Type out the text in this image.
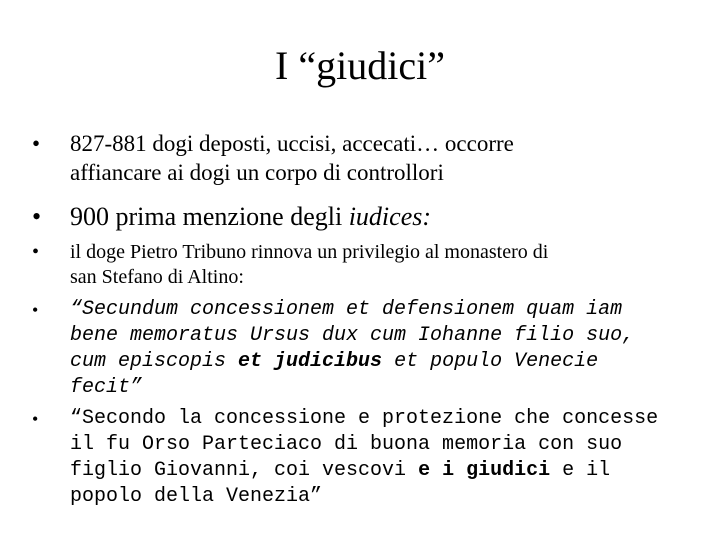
I “giudici”
• 827-881 dogi deposti, uccisi, accecati… occorre
affiancare ai dogi un corpo di controllori
• 900 prima menzione degli iudices:
• il doge Pietro Tribuno rinnova un privilegio al monastero di
san Stefano di Altino:
• “Secundum concessionem et defensionem quam iam
bene memoratus Ursus dux cum Iohanne filio suo,
cum episcopis et judicibus et populo Venecie
fecit”
• “Secondo la concessione e protezione che concesse
il fu Orso Parteciaco di buona memoria con suo
figlio Giovanni, coi vescovi e i giudici e il
popolo della Venezia”
